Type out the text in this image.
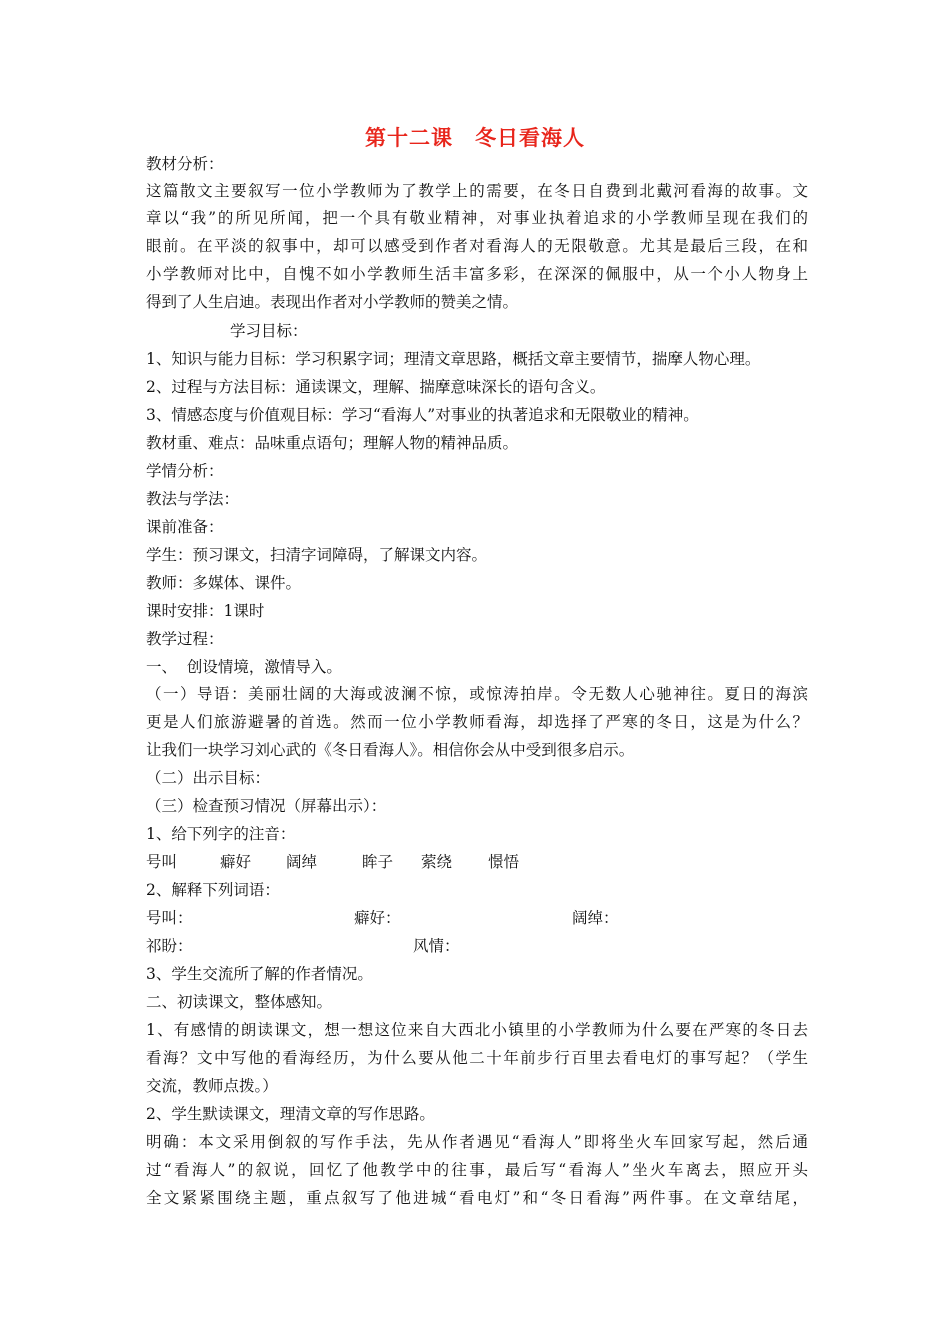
第十二课　冬日看海人
教材分析：
这篇散文主要叙写一位小学教师为了教学上的需要，在冬日自费到北戴河看海的故事。文
章以“我”的所见所闻，把一个具有敬业精神，对事业执着追求的小学教师呈现在我们的
眼前。在平淡的叙事中，却可以感受到作者对看海人的无限敬意。尤其是最后三段，在和
小学教师对比中，自愧不如小学教师生活丰富多彩，在深深的佩服中，从一个小人物身上
得到了人生启迪。表现出作者对小学教师的赞美之情。
学习目标：
1、知识与能力目标：学习积累字词；理清文章思路，概括文章主要情节，揣摩人物心理。
2、过程与方法目标：通读课文，理解、揣摩意味深长的语句含义。
3、情感态度与价值观目标：学习“看海人”对事业的执著追求和无限敬业的精神。
教材重、难点：品味重点语句；理解人物的精神品质。
学情分析：
教法与学法：
课前准备：
学生：预习课文，扫清字词障碍，了解课文内容。
教师：多媒体、课件。
课时安排：1课时
教学过程：
一、  创设情境，激情导入。
（一）导语：美丽壮阔的大海或波澜不惊，或惊涛拍岸。令无数人心驰神往。夏日的海滨
更是人们旅游避暑的首选。然而一位小学教师看海，却选择了严寒的冬日，这是为什么？
让我们一块学习刘心武的《冬日看海人》。相信你会从中受到很多启示。
（二）出示目标：
（三）检查预习情况（屏幕出示）：
1、给下列字的注音：
号叫	癖好 阔绰	眸子 萦绕 憬悟
2、解释下列词语：
号叫：	癖好：	阔绰：
祁盼：	风情：
3、学生交流所了解的作者情况。
二、初读课文，整体感知。
1、有感情的朗读课文，想一想这位来自大西北小镇里的小学教师为什么要在严寒的冬日去
看海？文中写他的看海经历，为什么要从他二十年前步行百里去看电灯的事写起？（学生
交流，教师点拨。）
2、学生默读课文，理清文章的写作思路。
明确：本文采用倒叙的写作手法，先从作者遇见“看海人”即将坐火车回家写起，然后通
过“看海人”的叙说，回忆了他教学中的往事，最后写“看海人”坐火车离去，照应开头
全文紧紧围绕主题，重点叙写了他进城“看电灯”和“冬日看海”两件事。在文章结尾，
